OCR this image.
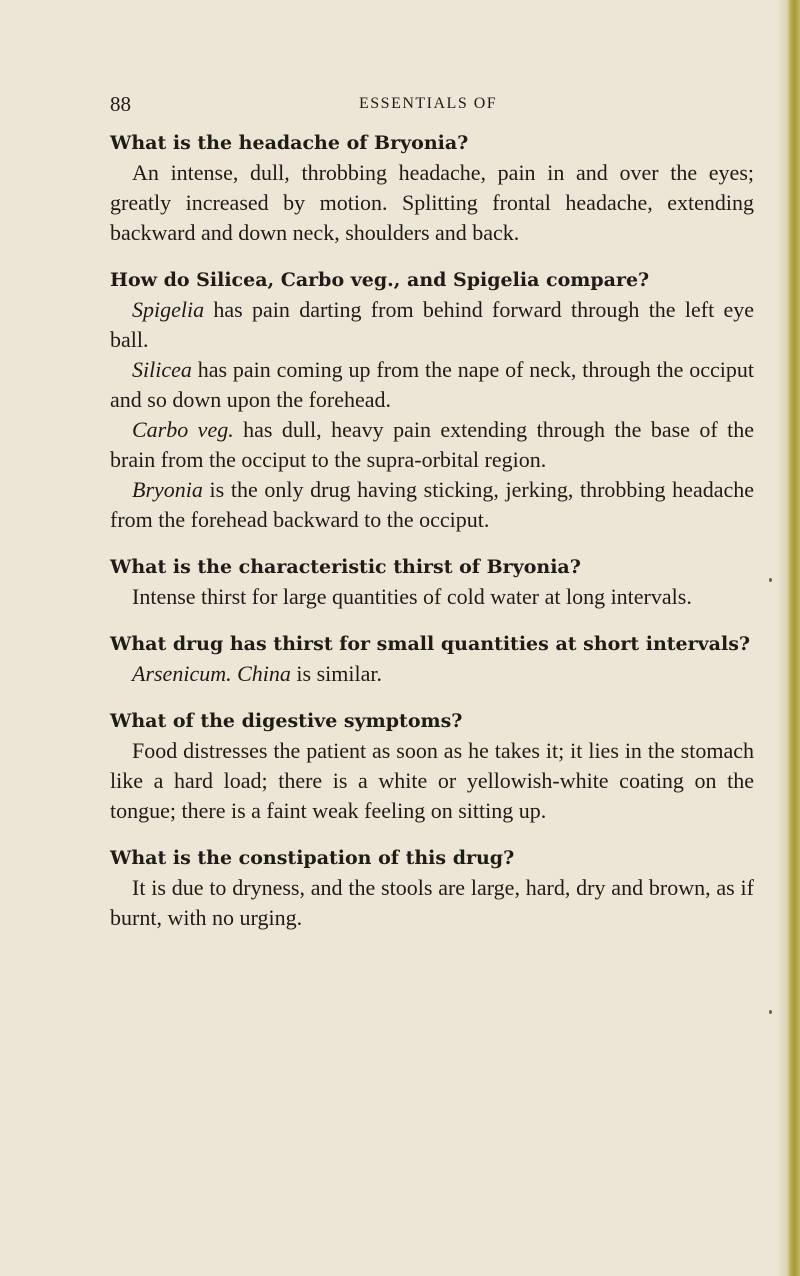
88	ESSENTIALS OF

What is the headache of Bryonia?

An intense, dull, throbbing headache, pain in and over the eyes; greatly increased by motion. Splitting frontal headache, extending backward and down neck, shoulders and back.

How do Silicea, Carbo veg., and Spigelia compare?

Spigelia has pain darting from behind forward through the left eye ball.

Silicea has pain coming up from the nape of neck, through the occiput and so down upon the forehead.

Carbo veg. has dull, heavy pain extending through the base of the brain from the occiput to the supra-orbital region.

Bryonia is the only drug having sticking, jerking, throbbing headache from the forehead backward to the occiput.

What is the characteristic thirst of Bryonia?

Intense thirst for large quantities of cold water at long intervals.

What drug has thirst for small quantities at short intervals?

Arsenicum. China is similar.

What of the digestive symptoms?

Food distresses the patient as soon as he takes it; it lies in the stomach like a hard load; there is a white or yellowish-white coating on the tongue; there is a faint weak feeling on sitting up.

What is the constipation of this drug?

It is due to dryness, and the stools are large, hard, dry and brown, as if burnt, with no urging.
